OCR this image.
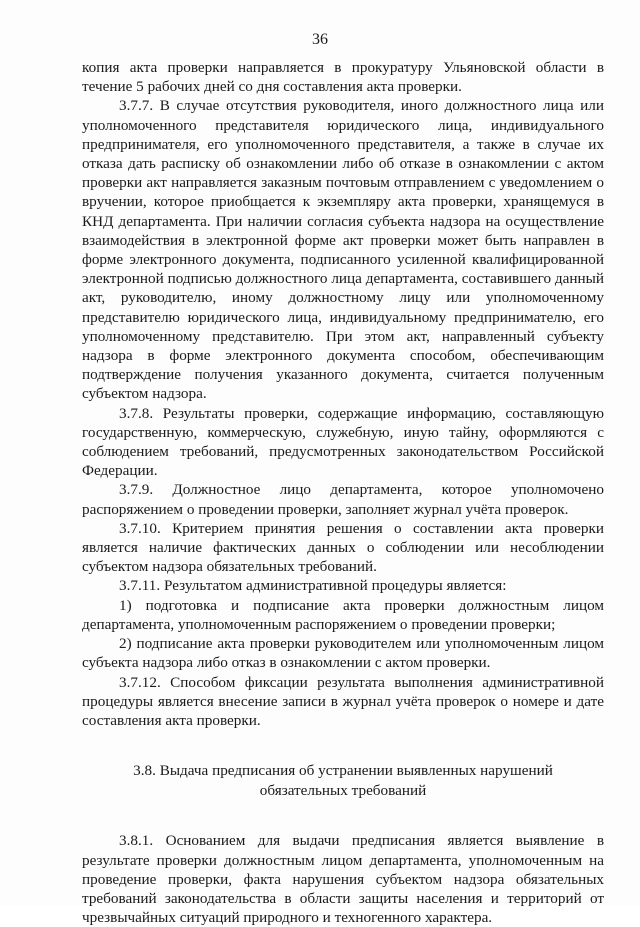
36

копия акта проверки направляется в прокуратуру Ульяновской области в течение 5 рабочих дней со дня составления акта проверки.

3.7.7. В случае отсутствия руководителя, иного должностного лица или уполномоченного представителя юридического лица, индивидуального предпринимателя, его уполномоченного представителя, а также в случае их отказа дать расписку об ознакомлении либо об отказе в ознакомлении с актом проверки акт направляется заказным почтовым отправлением с уведомлением о вручении, которое приобщается к экземпляру акта проверки, хранящемуся в КНД департамента. При наличии согласия субъекта надзора на осуществление взаимодействия в электронной форме акт проверки может быть направлен в форме электронного документа, подписанного усиленной квалифицированной электронной подписью должностного лица департамента, составившего данный акт, руководителю, иному должностному лицу или уполномоченному представителю юридического лица, индивидуальному предпринимателю, его уполномоченному представителю. При этом акт, направленный субъекту надзора в форме электронного документа способом, обеспечивающим подтверждение получения указанного документа, считается полученным субъектом надзора.

3.7.8. Результаты проверки, содержащие информацию, составляющую государственную, коммерческую, служебную, иную тайну, оформляются с соблюдением требований, предусмотренных законодательством Российской Федерации.

3.7.9. Должностное лицо департамента, которое уполномочено распоряжением о проведении проверки, заполняет журнал учёта проверок.

3.7.10. Критерием принятия решения о составлении акта проверки является наличие фактических данных о соблюдении или несоблюдении субъектом надзора обязательных требований.

3.7.11. Результатом административной процедуры является:

1) подготовка и подписание акта проверки должностным лицом департамента, уполномоченным распоряжением о проведении проверки;

2) подписание акта проверки руководителем или уполномоченным лицом субъекта надзора либо отказ в ознакомлении с актом проверки.

3.7.12. Способом фиксации результата выполнения административной процедуры является внесение записи в журнал учёта проверок о номере и дате составления акта проверки.

3.8. Выдача предписания об устранении выявленных нарушений
обязательных требований

3.8.1. Основанием для выдачи предписания является выявление в результате проверки должностным лицом департамента, уполномоченным на проведение проверки, факта нарушения субъектом надзора обязательных требований законодательства в области защиты населения и территорий от чрезвычайных ситуаций природного и техногенного характера.
